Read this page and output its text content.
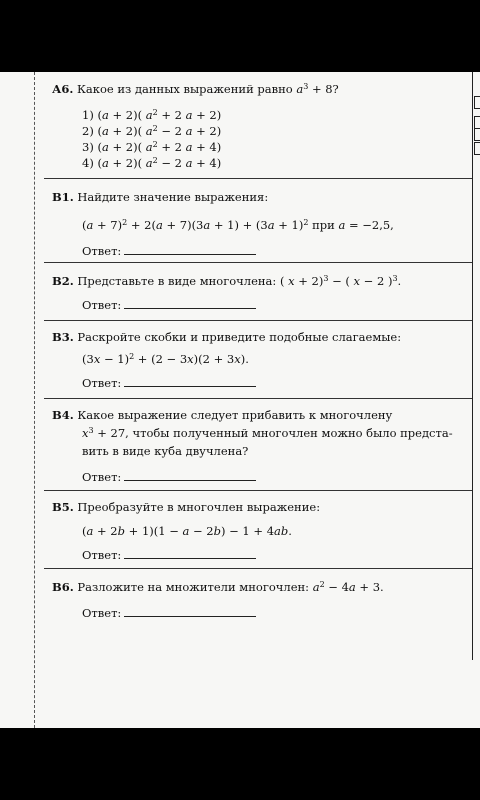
А6. Какое из данных выражений равно $a^3 + 8$?
1) (a + 2)( $a^2 + 2$ a + 2)
2) (a + 2)( $a^2 - 2$ a + 2)
3) (a + 2)( $a^2 + 2$ a + 4)
4) (a + 2)( $a^2 - 2$ a + 4)
В1. Найдите значение выражения:
$(a + 7)^2 + 2(a + 7)(3a + 1) + (3a + 1)^2$ при a = −2,5,
Ответ:
В2. Представьте в виде многочлена: ( x + 2)$^3$ − ( x − 2 )$^3$.
Ответ:
В3. Раскройте скобки и приведите подобные слагаемые:
$(3x - 1)^2 + (2 - 3x)(2 + 3x)$.
Ответ:
В4. Какое выражение следует прибавить к многочлену
$x^3 + 27$, чтобы полученный многочлен можно было предста-
вить в виде куба двучлена?
Ответ:
В5. Преобразуйте в многочлен выражение:
(a + 2b + 1)(1 − a − 2b) − 1 + 4ab.
Ответ:
В6. Разложите на множители многочлен: $a^2 - 4a + 3$.
Ответ:
